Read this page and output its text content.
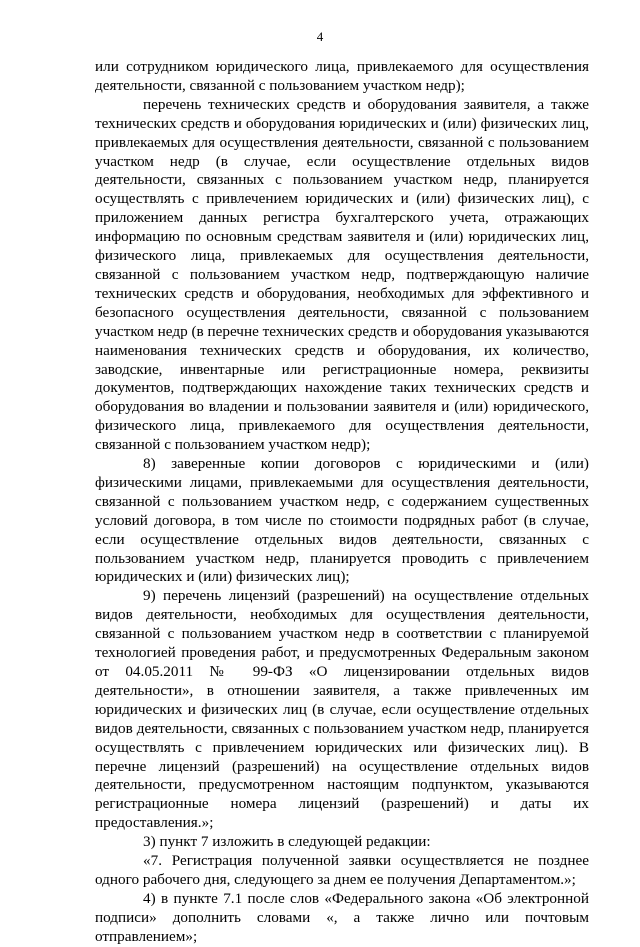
4

или сотрудником юридического лица, привлекаемого для осуществления деятельности, связанной с пользованием участком недр);

перечень технических средств и оборудования заявителя, а также технических средств и оборудования юридических и (или) физических лиц, привлекаемых для осуществления деятельности, связанной с пользованием участком недр (в случае, если осуществление отдельных видов деятельности, связанных с пользованием участком недр, планируется осуществлять с привлечением юридических и (или) физических лиц), с приложением данных регистра бухгалтерского учета, отражающих информацию по основным средствам заявителя и (или) юридических лиц, физического лица, привлекаемых для осуществления деятельности, связанной с пользованием участком недр, подтверждающую наличие технических средств и оборудования, необходимых для эффективного и безопасного осуществления деятельности, связанной с пользованием участком недр (в перечне технических средств и оборудования указываются наименования технических средств и оборудования, их количество, заводские, инвентарные или регистрационные номера, реквизиты документов, подтверждающих нахождение таких технических средств и оборудования во владении и пользовании заявителя и (или) юридического, физического лица, привлекаемого для осуществления деятельности, связанной с пользованием участком недр);

8) заверенные копии договоров с юридическими и (или) физическими лицами, привлекаемыми для осуществления деятельности, связанной с пользованием участком недр, с содержанием существенных условий договора, в том числе по стоимости подрядных работ (в случае, если осуществление отдельных видов деятельности, связанных с пользованием участком недр, планируется проводить с привлечением юридических и (или) физических лиц);

9) перечень лицензий (разрешений) на осуществление отдельных видов деятельности, необходимых для осуществления деятельности, связанной с пользованием участком недр в соответствии с планируемой технологией проведения работ, и предусмотренных Федеральным законом от 04.05.2011 № 99-ФЗ «О лицензировании отдельных видов деятельности», в отношении заявителя, а также привлеченных им юридических и физических лиц (в случае, если осуществление отдельных видов деятельности, связанных с пользованием участком недр, планируется осуществлять с привлечением юридических или физических лиц). В перечне лицензий (разрешений) на осуществление отдельных видов деятельности, предусмотренном настоящим подпунктом, указываются регистрационные номера лицензий (разрешений) и даты их предоставления.»;

3) пункт 7 изложить в следующей редакции:

«7. Регистрация полученной заявки осуществляется не позднее одного рабочего дня, следующего за днем ее получения Департаментом.»;

4) в пункте 7.1 после слов «Федерального закона «Об электронной подписи» дополнить словами «, а также лично или почтовым отправлением»;
